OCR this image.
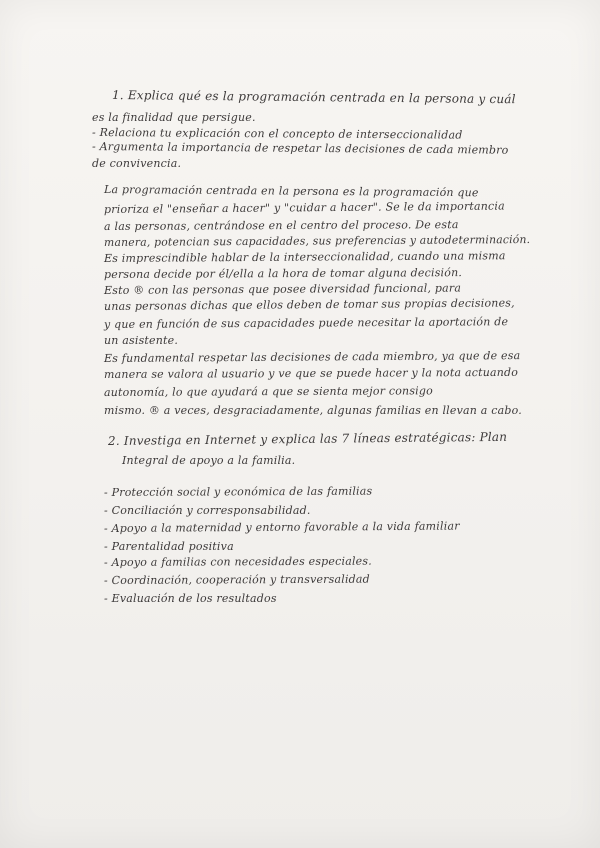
1. Explica qué es la programación centrada en la persona y cuál
es la finalidad que persigue.
- Relaciona tu explicación con el concepto de interseccionalidad
- Argumenta la importancia de respetar las decisiones de cada miembro
de convivencia.
La programación centrada en la persona es la programación que
prioriza el "enseñar a hacer" y "cuidar a hacer". Se le da importancia
a las personas, centrándose en el centro del proceso. De esta
manera, potencian sus capacidades, sus preferencias y autodeterminación.
Es imprescindible hablar de la interseccionalidad, cuando una misma
persona decide por él/ella a la hora de tomar alguna decisión.
Esto ® con las personas que posee diversidad funcional, para
unas personas dichas que ellos deben de tomar sus propias decisiones,
y que en función de sus capacidades puede necesitar la aportación de
un asistente.
Es fundamental respetar las decisiones de cada miembro, ya que de esa
manera se valora al usuario y ve que se puede hacer y la nota actuando
autonomía, lo que ayudará a que se sienta mejor consigo
mismo. ® a veces, desgraciadamente, algunas familias en llevan a cabo.
2. Investiga en Internet y explica las 7 líneas estratégicas: Plan
Integral de apoyo a la familia.
- Protección social y económica de las familias
- Conciliación y corresponsabilidad.
- Apoyo a la maternidad y entorno favorable a la vida familiar
- Parentalidad positiva
- Apoyo a familias con necesidades especiales.
- Coordinación, cooperación y transversalidad
- Evaluación de los resultados
